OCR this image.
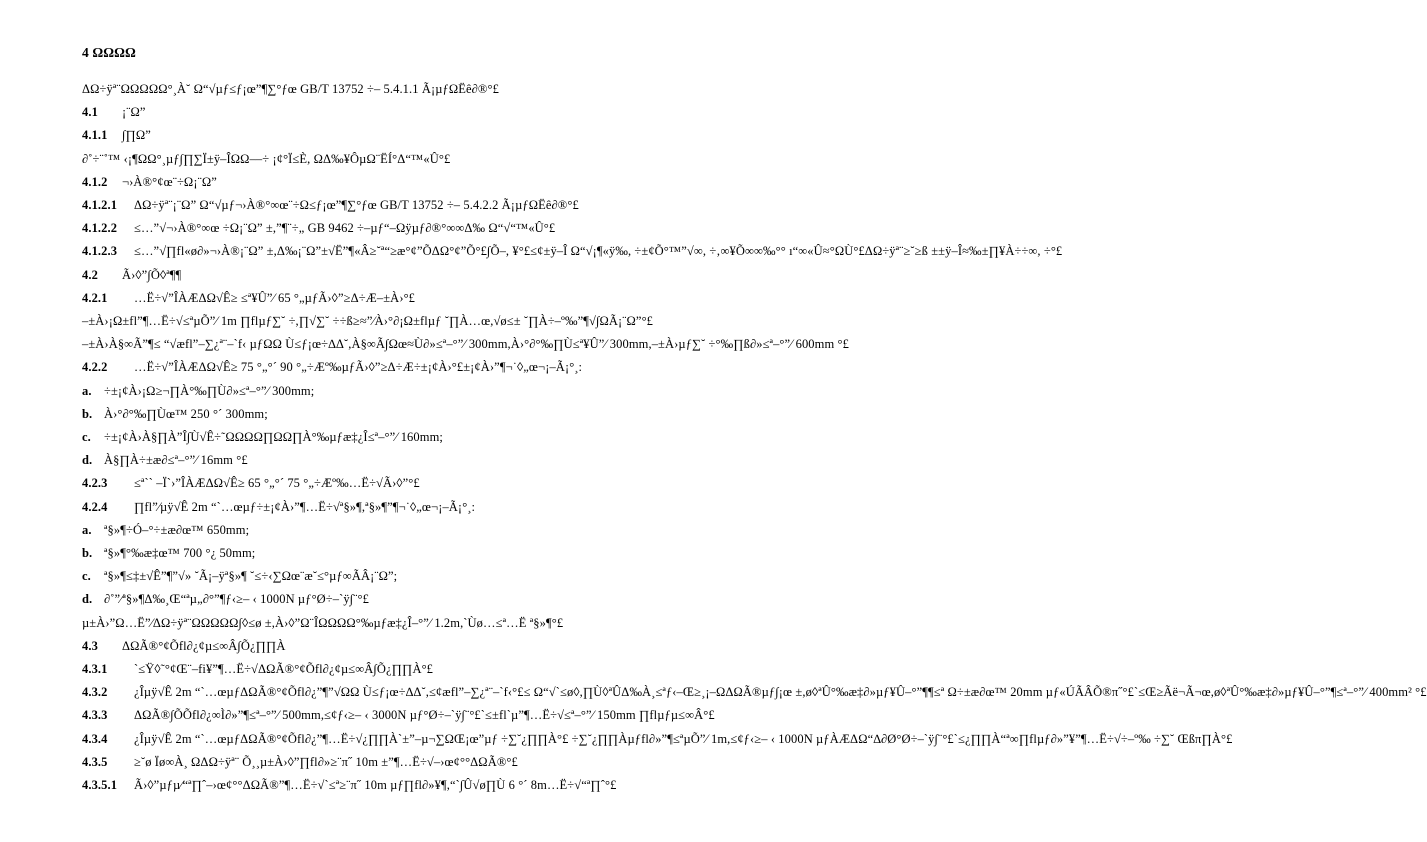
4 ΩΩΩΩ
ΔΩ÷ÿª¨ΩΩΩΩΩ°¸À˘ Ω“√µƒ≤ƒ¡œ”¶∑°ƒœ GB/T 13752 ÷– 5.4.1.1 Ã¡µƒΩËê∂®°£
4.1 ¡¨Ω”
4.1.1 ∫∏Ω”
∂˚÷¨˚™ ‹¡¶ΩΩ°¸µƒ∫∏∑Ï±ÿ–ÎΩΩ––÷ ¡¢°Ï≤È, ΩΔ‰¥ÔµΩ¨ËÍ°Δ“™«Û°£
4.1.2 ¬›À®°¢œ¨÷Ω¡¨Ω”
4.1.2.1 ΔΩ÷ÿª¨¡¨Ω” Ω“√µƒ¬›À®°∞œ¨÷Ω≤ƒ¡œ”¶∑°ƒœ GB/T 13752 ÷– 5.4.2.2 Ã¡µƒΩËê∂®°£
4.1.2.2 ≤…”√¬›À®°∞œ ÷Ω¡¨Ω” ±,”¶¨÷„ GB 9462 ÷–µƒ“–Ωÿµƒ∂®°∞∞Δ‰ Ω“√“™«Û°£
4.1.2.3 ≤…”√∏fl«ø∂»¬›À®¡¨Ω” ±,Δ‰¡¨Ω”±√Ë”¶«Â≥˘ª“≥æ°¢”ÕΔΩ°¢”Õ°£∫Õ–, ¥°£≤¢±ÿ–Î Ω“√¡¶«ÿ‰, ÷±¢Õ°™”√∞, ÷‚∞¥Õ∞∞‰°° ı“∞«Û≈°ΩÙ°£ΔΩ÷ÿª¨≥˘≥ß ±±ÿ–Î≈‰±∏¥À÷÷∞, ÷°£
4.2 Ã›◊”∫Õ◊ª¶¶
4.2.1 …Ë÷√”ÎÀÆΔΩ√Ê≥ ≤ª¥Û”⁄ 65 °„µƒÃ›◊”≥Δ÷Æ–±À›°£
–±À›¡Ω±fl”¶…Ë÷√≤ªµÕ”⁄ 1m ∏flµƒ∑˘ ÷,∏√∑˘ ÷÷ß≥≈”⁄À›°∂¡Ω±flµƒ ˘∏À…œ,√ø≤± ˘∏À÷–º‰”¶√∫ΩÃ¡¨Ω”°£
–±À›À§∞Ã”¶≤ “√æfl”–∑¿ª¨–`f‹ µƒΩΩ Ù≤ƒ¡œ÷∆Δ˘,À§∞Ã∫Ωœ≈Ù∂»≤ª–°”⁄ 300mm,À›°∂°‰∏Ù≤ª¥Û”⁄ 300mm,–±À›µƒ∑˘ ÷°‰∏ß∂»≤ª–°”⁄ 600mm °£
4.2.2 …Ë÷√”ÎÀÆΔΩ√Ê≥ 75 °„°´ 90 °„÷Æº‰µƒÃ›◊”≥Δ÷Æ÷±¡¢À›°£±¡¢À›”¶¬˙◊„œ¬¡–Ã¡°¸:
a. ÷±¡¢À›¡Ω≥¬∏À°‰∏Ù∂»≤ª–°”⁄ 300mm;
b. À›°∂°‰∏Ùœ™ 250 °´ 300mm;
c. ÷±¡¢À›À§∏À”Î∫Ù√Ê÷˜ΩΩΩΩ∏ΩΩ∏À°‰µƒæ‡¿Î≤ª–°”⁄ 160mm;
d. À§∏À÷±æ∂≤ª–°”⁄ 16mm °£
4.2.3 ≤ª`` –Ï`›”ÎÀÆΔΩ√Ê≥ 65 °„°´ 75 °„÷Æº‰…Ë÷√Ã›◊”°£
4.2.4 ∏fl”⁄µÿ√Ê 2m “`…œµƒ÷±¡¢À›”¶…Ë÷√ª§»¶,ª§»¶”¶¬˙◊„œ¬¡–Ã¡°¸:
a. ª§»¶÷Ó–°÷±æ∂œ™ 650mm;
b. ª§»¶°‰æ‡œ™ 700 °¿ 50mm;
c. ª§»¶≤‡±√Ê”¶”√» ˘Ã¡–ÿª§»¶ ˘≤÷‹∑Ωœ¨æ˘≤°µƒ∞ÃÂ¡¨Ω”;
d. ∂˚”⁄ª§»¶Δ‰¸Œ“ªµ„∂°”¶ƒ‹≥– ‹ 1000N µƒ°Ø÷–`ÿ∫¨°£
µ±À›”Ω…Ë”⁄ΔΩ÷ÿª¨ΩΩΩΩΩ∫◊≤ø ±,À›◊”Ω¨ÎΩΩΩΩ°‰µƒæ‡¿Î–°”⁄ 1.2m,`Ùø…≤ª…Ë ª§»¶°£
4.3 ΔΩÃ®°¢Õfl∂¿¢µ≤∞Â∫Õ¿∏∏À
4.3.1 `≤Ÿ◊˜°¢Œ¨–fi¥”¶…Ë÷√ΔΩÃ®°¢Õfl∂¿¢µ≤∞Â∫Õ¿∏∏À°£
4.3.2 ¿Îµÿ√Ê 2m “`…œµƒΔΩÃ®°¢Õfl∂¿”¶”√ΩΩ Ù≤ƒ¡œ÷∆Δ˘,≤¢æfl”–∑¿ª¨–`f‹°£≤ Ω“√`≤ø◊,∏Ù◊ªÛΔ‰À¸≤ªƒ‹–Œ≥¸¡–ΩΔΩÃ®µƒ∫¡œ ±,ø◊ªÛ°‰æ‡∂»µƒ¥Û–°”¶¶≤ª Ω÷±æ∂œ™ 20mm µƒ«ÚÃÂÕ®π˝°£`≤Œ≥Ãë¬Ã¬œ,ø◊ªÛ°‰æ‡∂»µƒ¥Û–°”¶≤ª–°”⁄ 400mm² °£
4.3.3 ΔΩÃ®∫ÕÕfl∂¿∞Ì∂»”¶≤ª–°”⁄ 500mm,≤¢ƒ‹≥– ‹ 3000N µƒ°Ø÷–`ÿ∫¨°£`≤±fl`µ”¶…Ë÷√≤ª–°”⁄ 150mm ∏flµƒµ≤∞Â°£
4.3.4 ¿Îµÿ√Ê 2m “`…œµƒΔΩÃ®°¢Õfl∂¿”¶…Ë÷√¿∏∏À`±”–µ¬∑ΩŒ¡œ”µƒ ÷∑˘¿∏∏À°£ ÷∑˘¿∏∏Àµƒfl∂»”¶≤ªµÕ”⁄ 1m,≤¢ƒ‹≥– ‹ 1000N µƒÀÆΔΩ“∆∂Ø°Ø÷–`ÿ∫¨°£`≤¿∏∏À“ª∞∏flµƒ∂»”¥”¶…Ë÷√÷–º‰ ÷∑˘ Œßπ∏À°£
4.3.5 ≥˘ø Ïø∞À¸ ΩΔΩ÷ÿª¨ Õ¸¸µ±À›◊”∏fl∂»≥¨π˝ 10m ±”¶…Ë÷√–›œ¢°°ΔΩÃ®°£
4.3.5.1 Ã›◊”µƒµ⁄“ª∏ˆ–›œ¢°°ΔΩÃ®”¶…Ë÷√`≤ª≥¨π˝ 10m µƒ∏fl∂»¥¶,“`∫Û√ø∏Ù 6 °´ 8m…Ë÷√“ª∏ˆ°£
